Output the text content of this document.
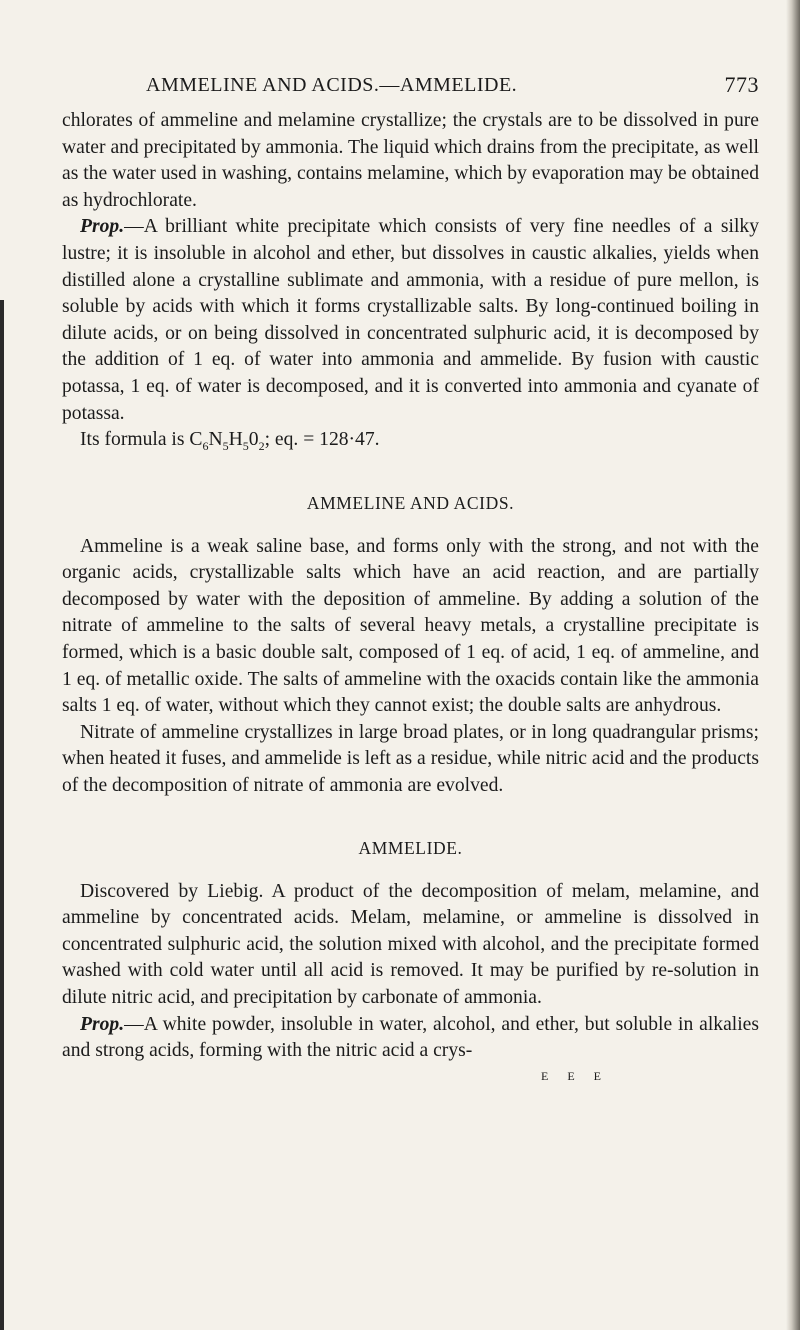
AMMELINE AND ACIDS.—AMMELIDE.	773

chlorates of ammeline and melamine crystallize; the crystals are to be dissolved in pure water and precipitated by ammonia. The liquid which drains from the precipitate, as well as the water used in washing, contains melamine, which by evaporation may be obtained as hydrochlorate.

Prop.—A brilliant white precipitate which consists of very fine needles of a silky lustre; it is insoluble in alcohol and ether, but dissolves in caustic alkalies, yields when distilled alone a crystalline sublimate and ammonia, with a residue of pure mellon, is soluble by acids with which it forms crystallizable salts. By long-continued boiling in dilute acids, or on being dissolved in concentrated sulphuric acid, it is decomposed by the addition of 1 eq. of water into ammonia and ammelide. By fusion with caustic potassa, 1 eq. of water is decomposed, and it is converted into ammonia and cyanate of potassa.

Its formula is $C_6N_5H_50_2$; eq. = 128·47.

AMMELINE AND ACIDS.

Ammeline is a weak saline base, and forms only with the strong, and not with the organic acids, crystallizable salts which have an acid reaction, and are partially decomposed by water with the deposition of ammeline. By adding a solution of the nitrate of ammeline to the salts of several heavy metals, a crystalline precipitate is formed, which is a basic double salt, composed of 1 eq. of acid, 1 eq. of ammeline, and 1 eq. of metallic oxide. The salts of ammeline with the oxacids contain like the ammonia salts 1 eq. of water, without which they cannot exist; the double salts are anhydrous.

Nitrate of ammeline crystallizes in large broad plates, or in long quadrangular prisms; when heated it fuses, and ammelide is left as a residue, while nitric acid and the products of the decomposition of nitrate of ammonia are evolved.

AMMELIDE.

Discovered by Liebig. A product of the decomposition of melam, melamine, and ammeline by concentrated acids. Melam, melamine, or ammeline is dissolved in concentrated sulphuric acid, the solution mixed with alcohol, and the precipitate formed washed with cold water until all acid is removed. It may be purified by re-solution in dilute nitric acid, and precipitation by carbonate of ammonia.

Prop.—A white powder, insoluble in water, alcohol, and ether, but soluble in alkalies and strong acids, forming with the nitric acid a crys-

E E E
